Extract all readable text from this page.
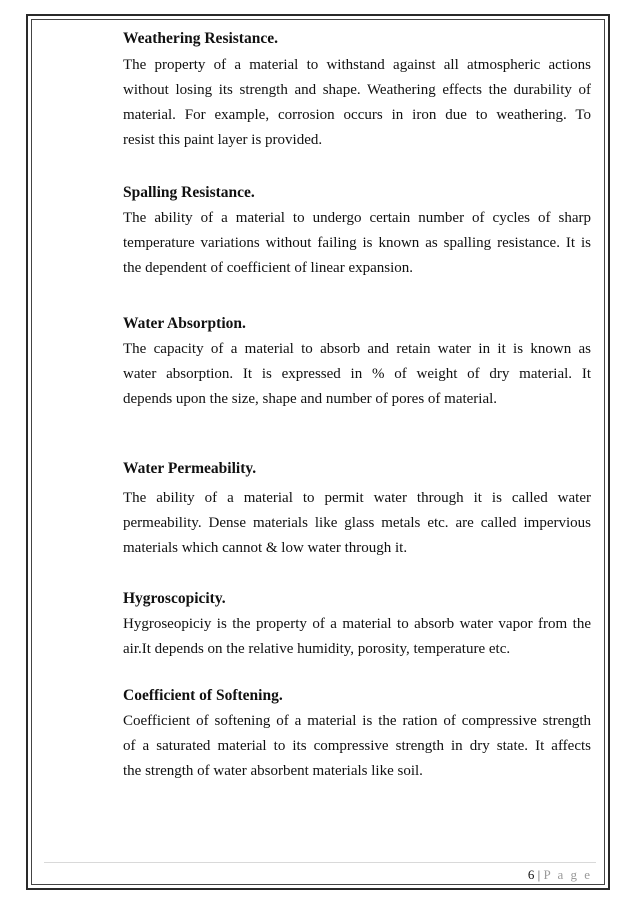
Weathering Resistance.

The property of a material to withstand against all atmospheric actions
without losing its strength and shape. Weathering effects the durability of
material. For example, corrosion occurs in iron due to weathering. To
resist this paint layer is provided.

Spalling Resistance.

The ability of a material to undergo certain number of cycles of sharp
temperature variations without failing is known as spalling resistance. It is
the dependent of coefficient of linear expansion.

Water Absorption.

The capacity of a material to absorb and retain water in it is known as
water absorption. It is expressed in % of weight of dry material. It
depends upon the size, shape and number of pores of material.

Water Permeability.

The ability of a material to permit water through it is called water
permeability. Dense materials like glass metals etc. are called impervious
materials which cannot & low water through it.

Hygroscopicity.

Hygroseopiciy is the property of a material to absorb water vapor from the
air.It depends on the relative humidity, porosity, temperature etc.

Coefficient of Softening.

Coefficient of softening of a material is the ration of compressive strength
of a saturated material to its compressive strength in dry state. It affects
the strength of water absorbent materials like soil.
6 | P a g e
